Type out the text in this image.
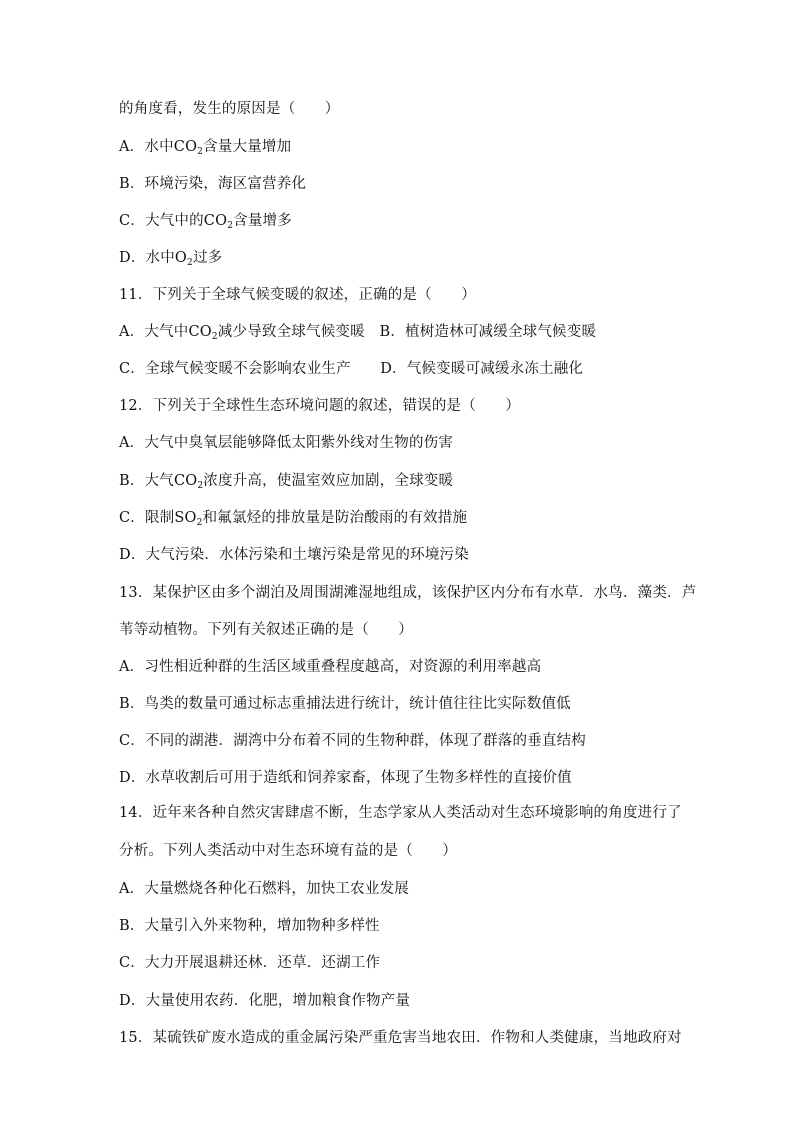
的角度看，发生的原因是（　　）
A．水中$CO_2$含量大量增加
B．环境污染，海区富营养化
C．大气中的$CO_2$含量增多
D．水中$O_2$过多
11．下列关于全球气候变暖的叙述，正确的是（　　）
A．大气中$CO_2$减少导致全球气候变暖　B．植树造林可减缓全球气候变暖
C．全球气候变暖不会影响农业生产　　D．气候变暖可减缓永冻土融化
12．下列关于全球性生态环境问题的叙述，错误的是（　　）
A．大气中臭氧层能够降低太阳紫外线对生物的伤害
B．大气$CO_2$浓度升高，使温室效应加剧，全球变暖
C．限制$SO_2$和氟氯烃的排放量是防治酸雨的有效措施
D．大气污染．水体污染和土壤污染是常见的环境污染
13．某保护区由多个湖泊及周围湖滩湿地组成，该保护区内分布有水草．水鸟．藻类．芦
苇等动植物。下列有关叙述正确的是（　　）
A．习性相近种群的生活区域重叠程度越高，对资源的利用率越高
B．鸟类的数量可通过标志重捕法进行统计，统计值往往比实际数值低
C．不同的湖港．湖湾中分布着不同的生物种群，体现了群落的垂直结构
D．水草收割后可用于造纸和饲养家畜，体现了生物多样性的直接价值
14．近年来各种自然灾害肆虐不断，生态学家从人类活动对生态环境影响的角度进行了
分析。下列人类活动中对生态环境有益的是（　　）
A．大量燃烧各种化石燃料，加快工农业发展
B．大量引入外来物种，增加物种多样性
C．大力开展退耕还林．还草．还湖工作
D．大量使用农药．化肥，增加粮食作物产量
15．某硫铁矿废水造成的重金属污染严重危害当地农田．作物和人类健康，当地政府对
